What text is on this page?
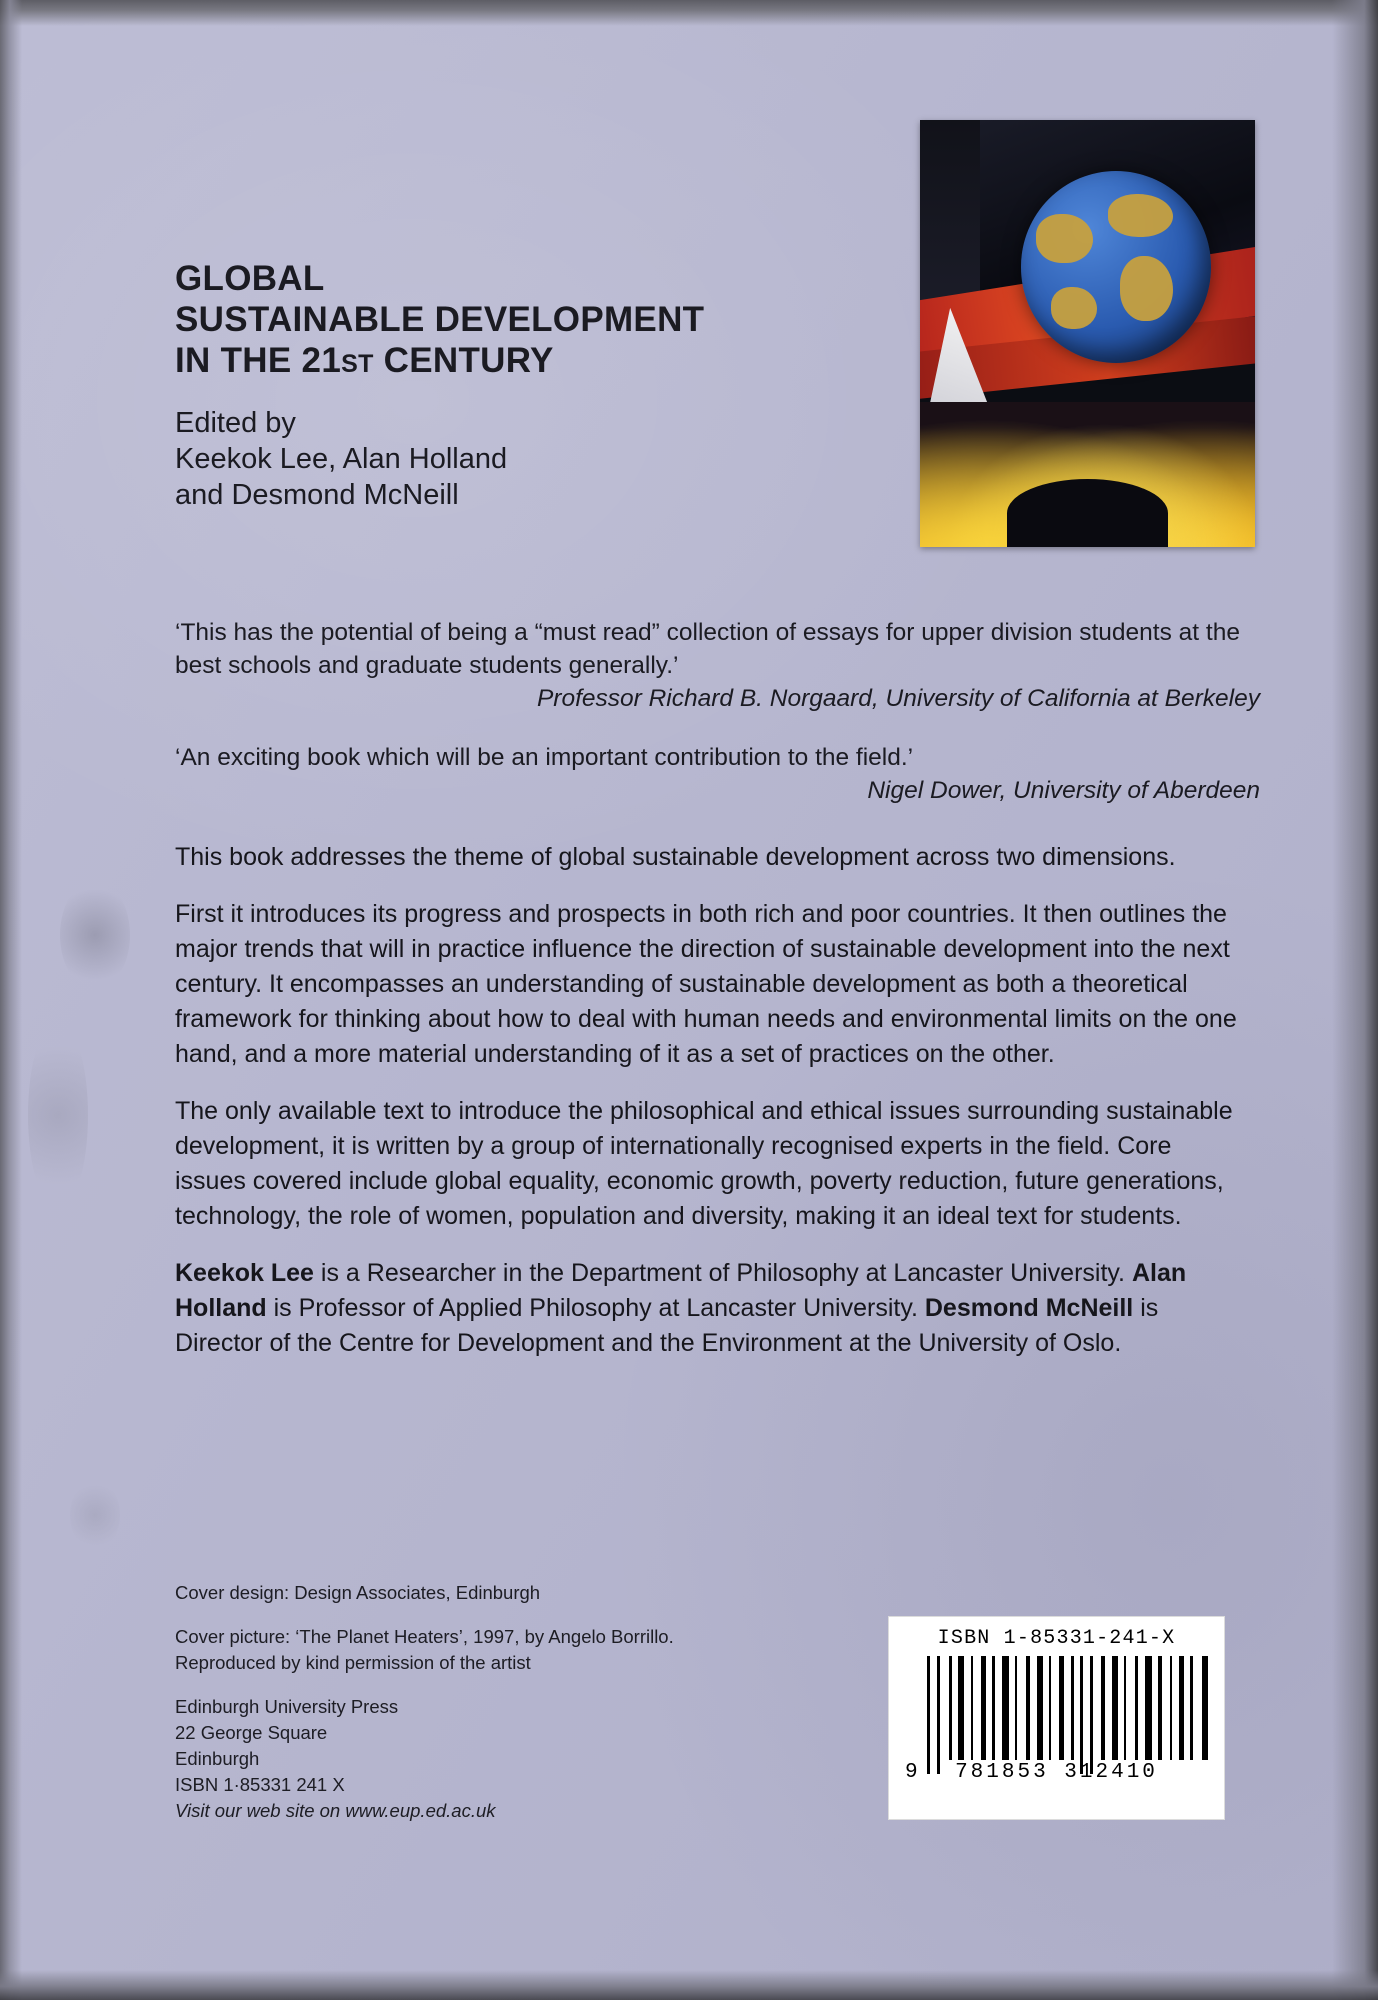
GLOBAL
SUSTAINABLE DEVELOPMENT
IN THE 21ST CENTURY
Edited by
Keekok Lee, Alan Holland
and Desmond McNeill
‘This has the potential of being a “must read” collection of essays for upper division students at the best schools and graduate students generally.’
Professor Richard B. Norgaard, University of California at Berkeley
‘An exciting book which will be an important contribution to the field.’
Nigel Dower, University of Aberdeen
This book addresses the theme of global sustainable development across two dimensions.
First it introduces its progress and prospects in both rich and poor countries. It then outlines the major trends that will in practice influence the direction of sustainable development into the next century. It encompasses an understanding of sustainable development as both a theoretical framework for thinking about how to deal with human needs and environmental limits on the one hand, and a more material understanding of it as a set of practices on the other.
The only available text to introduce the philosophical and ethical issues surrounding sustainable development, it is written by a group of internationally recognised experts in the field. Core issues covered include global equality, economic growth, poverty reduction, future generations, technology, the role of women, population and diversity, making it an ideal text for students.
Keekok Lee is a Researcher in the Department of Philosophy at Lancaster University. Alan Holland is Professor of Applied Philosophy at Lancaster University. Desmond McNeill is Director of the Centre for Development and the Environment at the University of Oslo.
Cover design: Design Associates, Edinburgh
Cover picture: ‘The Planet Heaters’, 1997, by Angelo Borrillo.
Reproduced by kind permission of the artist
Edinburgh University Press
22 George Square
Edinburgh
ISBN 1·85331 241 X
Visit our web site on www.eup.ed.ac.uk
ISBN 1-85331-241-X
9	781853 312410
